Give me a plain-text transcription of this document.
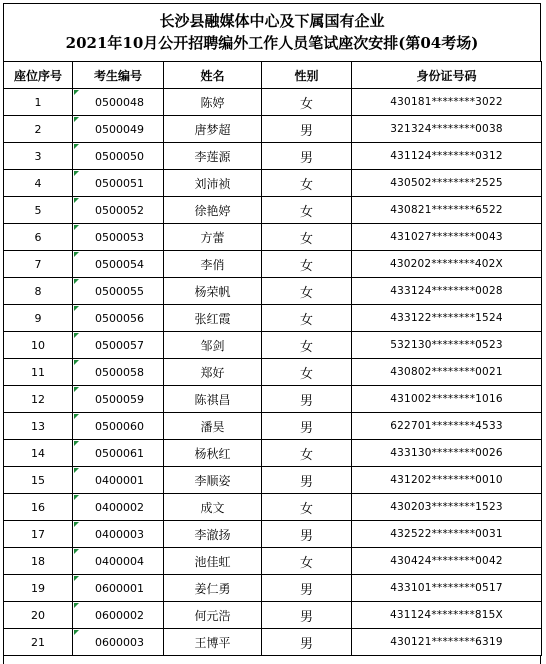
长沙县融媒体中心及下属国有企业
2021年10月公开招聘编外工作人员笔试座次安排(第04考场)
座位序号	考生编号	姓名	性别	身份证号码
1	0500048	陈婷	女	430181********3022
2	0500049	唐梦超	男	321324********0038
3	0500050	李莲源	男	431124********0312
4	0500051	刘沛祯	女	430502********2525
5	0500052	徐艳婷	女	430821********6522
6	0500053	方蕾	女	431027********0043
7	0500054	李俏	女	430202********402X
8	0500055	杨荣帆	女	433124********0028
9	0500056	张红霞	女	433122********1524
10	0500057	邹剑	女	532130********0523
11	0500058	郑好	女	430802********0021
12	0500059	陈祺昌	男	431002********1016
13	0500060	潘昊	男	622701********4533
14	0500061	杨秋红	女	433130********0026
15	0400001	李顺姿	男	431202********0010
16	0400002	成文	女	430203********1523
17	0400003	李澈扬	男	432522********0031
18	0400004	池佳虹	女	430424********0042
19	0600001	姜仁勇	男	433101********0517
20	0600002	何元浩	男	431124********815X
21	0600003	王博平	男	430121********6319
